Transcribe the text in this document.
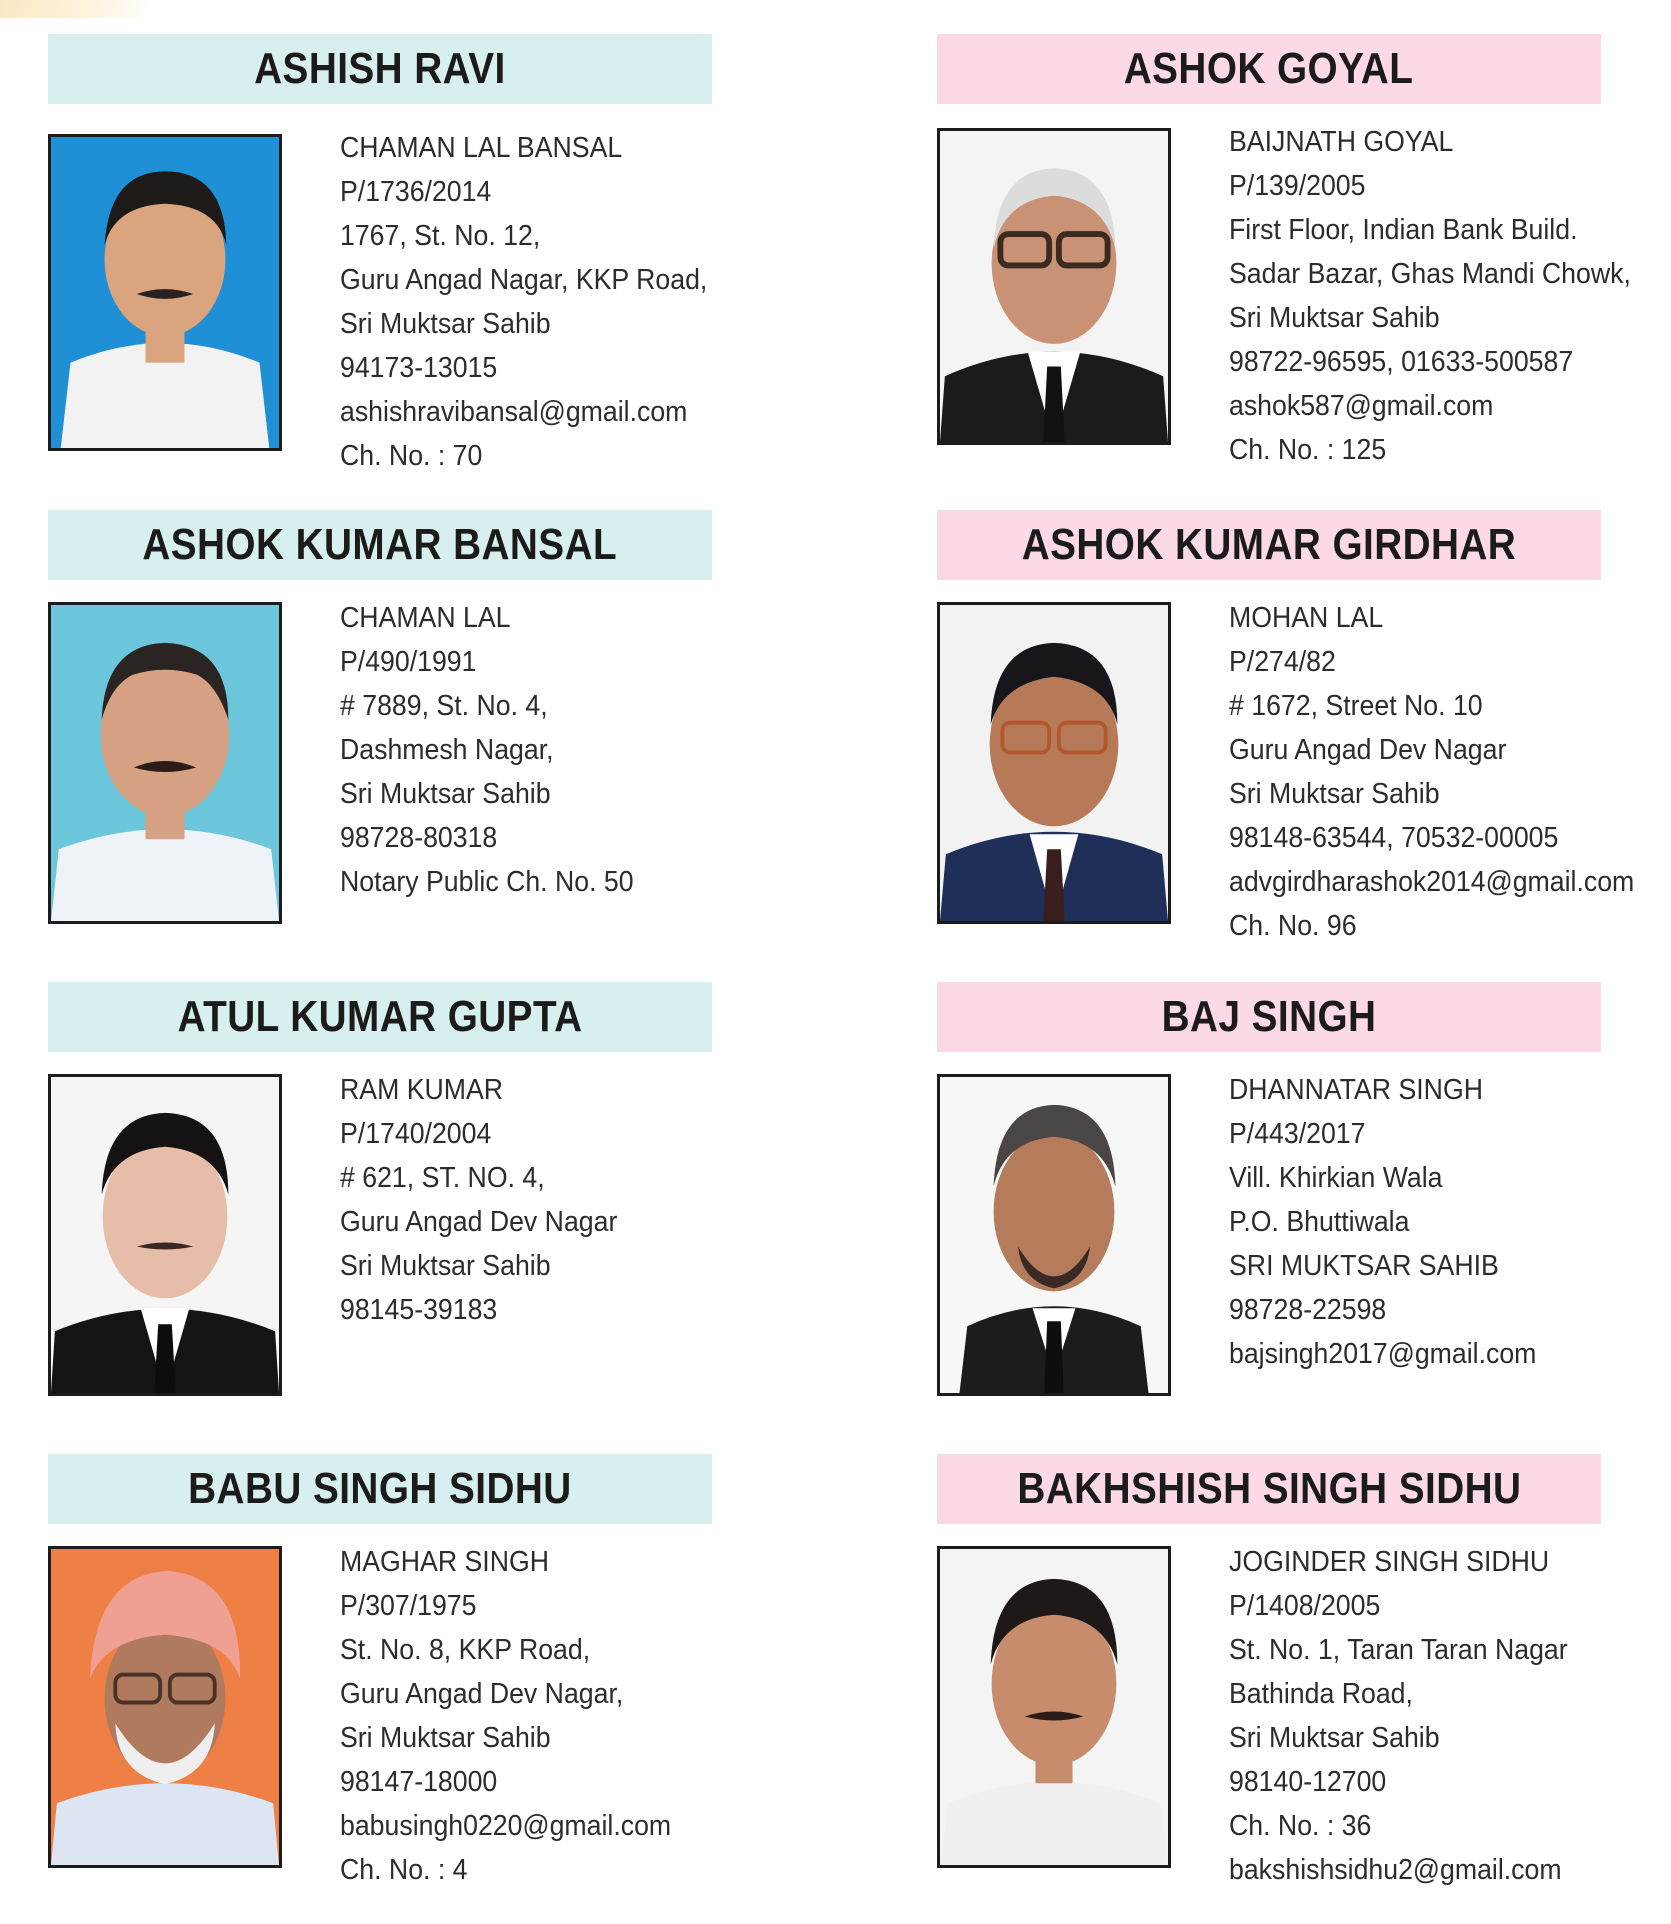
ASHISH RAVI
CHAMAN LAL BANSAL
P/1736/2014
1767, St. No. 12,
Guru Angad Nagar, KKP Road,
Sri Muktsar Sahib
94173-13015
ashishravibansal@gmail.com
Ch. No. : 70
ASHOK GOYAL
BAIJNATH GOYAL
P/139/2005
First Floor, Indian Bank Build.
Sadar Bazar, Ghas Mandi Chowk,
Sri Muktsar Sahib
98722-96595, 01633-500587
ashok587@gmail.com
Ch. No. : 125
ASHOK KUMAR BANSAL
CHAMAN LAL
P/490/1991
# 7889, St. No. 4,
Dashmesh Nagar,
Sri Muktsar Sahib
98728-80318
Notary Public Ch. No. 50
ASHOK KUMAR GIRDHAR
MOHAN LAL
P/274/82
# 1672, Street No. 10
Guru Angad Dev Nagar
Sri Muktsar Sahib
98148-63544, 70532-00005
advgirdharashok2014@gmail.com
Ch. No. 96
ATUL KUMAR GUPTA
RAM KUMAR
P/1740/2004
# 621, ST. NO. 4,
Guru Angad Dev Nagar
Sri Muktsar Sahib
98145-39183
BAJ SINGH
DHANNATAR SINGH
P/443/2017
Vill. Khirkian Wala
P.O. Bhuttiwala
SRI MUKTSAR SAHIB
98728-22598
bajsingh2017@gmail.com
BABU SINGH SIDHU
MAGHAR SINGH
P/307/1975
St. No. 8, KKP Road,
Guru Angad Dev Nagar,
Sri Muktsar Sahib
98147-18000
babusingh0220@gmail.com
Ch. No. : 4
BAKHSHISH SINGH SIDHU
JOGINDER SINGH SIDHU
P/1408/2005
St. No. 1, Taran Taran Nagar
Bathinda Road,
Sri Muktsar Sahib
98140-12700
Ch. No. : 36
bakshishsidhu2@gmail.com
